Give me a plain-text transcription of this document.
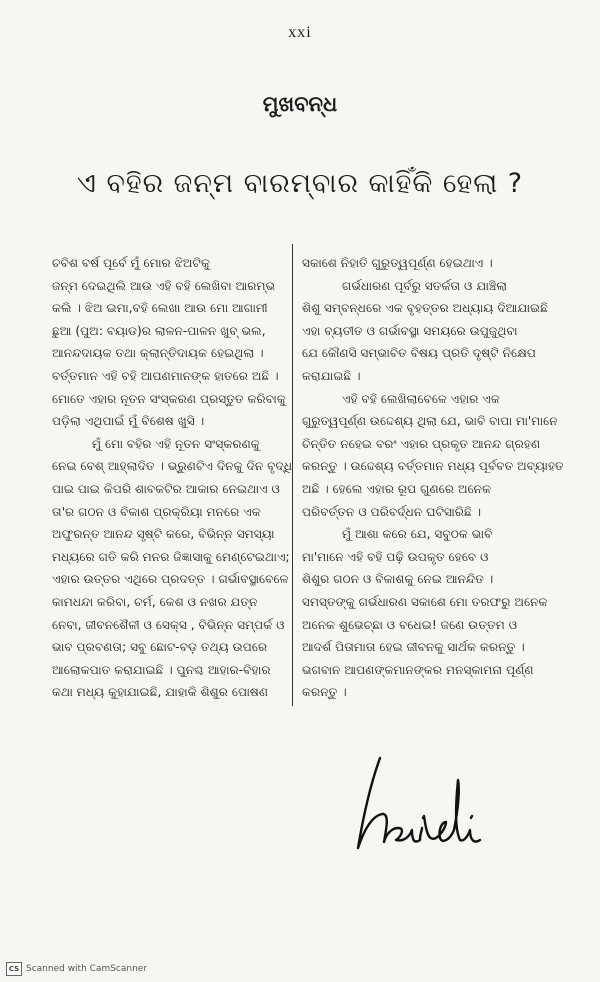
xxi
ମୁଖବନ୍ଧ
ଏ ବହିର ଜନ୍ମ ବାରମ୍ବାର କାହିଁକି ହେଲା ?
ଚବିଶ ବର୍ଷ ପୂର୍ବେ ମୁଁ ମୋର ଝିଅଟିକୁ
ଜନ୍ମ ଦେଇଥିଲି ଆଉ ଏହି ବହି ଲେଖିବା ଆରମ୍ଭ
କଲି । ଝିଅ ଇମା,ବହି ଲେଖା ଆଉ ମୋ ଆଗାମୀ
ଛୁଆ (ପୁଅ: ବୟାଡ)ର ଲାଳନ-ପାଳନ ଖୁବ୍ ଭଲ,
ଆନନ୍ଦଦାୟକ ତଥା କ୍ଲାନ୍ତିଦାୟକ ହେଇଥିଲା ।
ବର୍ତ୍ତମାନ ଏହି ବହି ଆପଣମାନଙ୍କ ହାତରେ ଅଛି ।
ମୋତେ ଏହାର ନୂତନ ସଂସ୍କରଣ ପ୍ରସ୍ତୁତ କରିବାକୁ
ପଡ଼ିଲା ଏଥିପାଇଁ ମୁଁ ବିଶେଷ ଖୁସି ।
ମୁଁ ମୋ ବହିର ଏହି ନୂତନ ସଂସ୍କରଣକୁ
ନେଇ ବେଶ୍ ଆହ୍ଲାଦିତ । ଭ୍ରୁଣଟିଏ ଦିନକୁ ଦିନ ବୃଦ୍ଧି
ପାଇ ପାଇ କିପରି ଶାବକଟିର ଆକାର ନେଇଥାଏ ଓ
ତା'ର ଗଠନ ଓ ବିକାଶ ପ୍ରକ୍ରିୟା ମନରେ ଏକ
ଅଫୁରନ୍ତ ଆନନ୍ଦ ସୃଷ୍ଟି କରେ, ବିଭିନ୍ନ ସମସ୍ୟା
ମଧ୍ୟରେ ଗତି କରି ମନର ଜିଜ୍ଞାସାକୁ ମେଣ୍ଟେଇଥାଏ;
ଏହାର ଉତ୍ତର ଏଥିରେ ପ୍ରଦତ୍ତ । ଗର୍ଭାବସ୍ଥାବେଳେ
କାମଧନ୍ଦା କରିବା, ଚର୍ମ, କେଶ ଓ ନଖର ଯତ୍ନ
ନେବା, ଜୀବନଶୈଳୀ ଓ ସେକ୍ସ , ବିଭିନ୍ନ ସମ୍ପର୍କ ଓ
ଭାବ ପ୍ରବଣତା; ସବୁ ଛୋଟ-ବଡ଼ ତଥ୍ୟ ଉପରେ
ଆଲୋକପାତ କରାଯାଇଛି । ପୁନଶ୍ଚ ଆହାର-ବିହାର
କଥା ମଧ୍ୟ କୁହାଯାଇଛି, ଯାହାକି ଶିଶୁର ପୋଷଣ
ସକାଶେ ନିହାତି ଗୁରୁତ୍ୱପୂର୍ଣ୍ଣ ହେଇଥାଏ ।
ଗର୍ଭଧାରଣ ପୂର୍ବରୁ ସତର୍କତା ଓ ଯାଞ୍ଚିଲା
ଶିଶୁ ସମ୍ବନ୍ଧରେ ଏକ ବୃହତ୍ତର ଅଧ୍ୟାୟ ଦିଆଯାଇଛି
ଏହା ବ୍ୟତୀତ ଓ ଗର୍ଭାବସ୍ଥା ସମୟରେ ଉପୁଜୁଥିବା
ଯେ କୌଣସି ସମ୍ଭାବିତ ବିଷୟ ପ୍ରତି ଦୃଷ୍ଟି ନିକ୍ଷେପ
କରାଯାଇଛି ।
ଏହି ବହି ଲେଖିଲାବେଳେ ଏହାର ଏକ
ଗୁରୁତ୍ୱପୂର୍ଣ୍ଣ ଉଦ୍ଦେଶ୍ୟ ଥିଲା ଯେ, ଭାବି ବାପା ମା'ମାନେ
ଚିନ୍ତିତ ନହେଇ ବରଂ ଏହାର ପ୍ରକୃତ ଆନନ୍ଦ ଗ୍ରହଣ
କରନ୍ତୁ । ଉଦ୍ଦେଶ୍ୟ ବର୍ତ୍ତମାନ ମଧ୍ୟ ପୂର୍ବବତ ଅବ୍ୟାହତ
ଅଛି । ହେଲେ ଏହାର ରୂପ ଗୁଣରେ ଅନେକ
ପରିବର୍ତ୍ତନ ଓ ପରିବର୍ଦ୍ଧନ ଘଟିସାରିଛି ।
ମୁଁ ଆଶା କରେ ଯେ, ସବୁଠକ ଭାବି
ମା'ମାନେ ଏହି ବହି ପଢ଼ି ଉପକୃତ ହେବେ ଓ
ଶିଶୁର ଗଠନ ଓ ବିକାଶକୁ ନେଇ ଆନନ୍ଦିତ ।
ସମସ୍ତଙ୍କୁ ଗର୍ଭଧାରଣ ସକାଶେ ମୋ ତରଫରୁ ଅନେକ
ଅନେକ ଶୁଭେଚ୍ଛା ଓ ବଧେଇ! ଜଣେ ଉତ୍ତମ ଓ
ଆଦର୍ଶ ପିତାମାତା ହେଇ ଜୀବନକୁ ସାର୍ଥକ କରନ୍ତୁ ।
ଭଗବାନ ଆପଣଙ୍କମାନଙ୍କର ମନସ୍କାମନା ପୂର୍ଣ୍ଣ
କରନ୍ତୁ ।
CS Scanned with CamScanner
